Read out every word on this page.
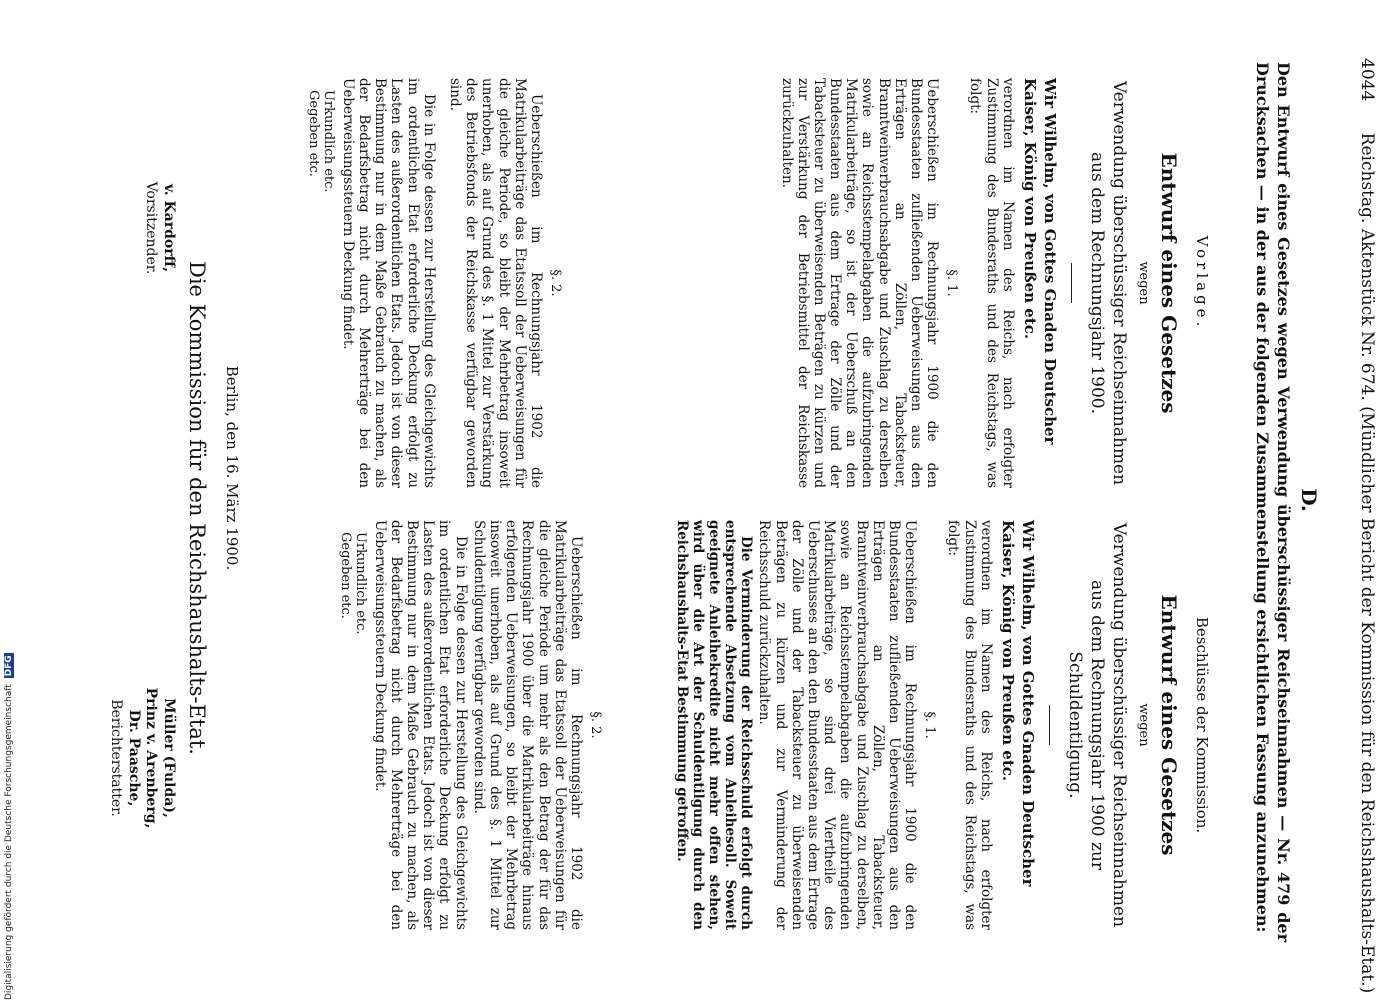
4044 Reichstag. Aktenstück Nr. 674. (Mündlicher Bericht der Kommission für den Reichshaushalts-Etat.)
D.
Den Entwurf eines Gesetzes wegen Verwendung überschüssiger Reichseinnahmen — Nr. 479 der Drucksachen — in der aus der folgenden Zusammenstellung ersichtlichen Fassung anzunehmen:
Vorlage.
Entwurf eines Gesetzes
wegen
Verwendung überschüssiger Reichseinnahmen aus dem Rechnungsjahr 1900.
Wir Wilhelm, von Gottes Gnaden Deutscher Kaiser, König von Preußen etc.
verordnen im Namen des Reichs, nach erfolgter Zustimmung des Bundesraths und des Reichstags, was folgt:
§. 1.
Ueberschießen im Rechnungsjahr 1900 die den Bundesstaaten zufließenden Ueberweisungen aus den Erträgen an Zöllen, Tabacksteuer, Branntweinverbrauchsabgabe und Zuschlag zu derselben sowie an Reichsstempelabgaben die aufzubringenden Matrikularbeiträge, so ist der Ueberschuß an den Bundesstaaten aus dem Ertrage der Zölle und der Tabacksteuer zu überweisenden Beträgen zu kürzen und zur Verstärkung der Betriebsmittel der Reichskasse zurückzuhalten.
Beschlüsse der Kommission.
Entwurf eines Gesetzes
wegen
Verwendung überschüssiger Reichseinnahmen aus dem Rechnungsjahr 1900 zur Schuldentilgung.
Wir Wilhelm, von Gottes Gnaden Deutscher Kaiser, König von Preußen etc.
verordnen im Namen des Reichs, nach erfolgter Zustimmung des Bundesraths und des Reichstags, was folgt:
§. 1.
Ueberschießen im Rechnungsjahr 1900 die den Bundesstaaten zufließenden Ueberweisungen aus den Erträgen an Zöllen, Tabacksteuer, Branntweinverbrauchsabgabe und Zuschlag zu derselben, sowie an Reichsstempelabgaben die aufzubringenden Matrikularbeiträge, so sind drei Viertheile des Ueberschusses an den den Bundesstaaten aus dem Ertrage der Zölle und der Tabacksteuer zu überweisenden Beträgen zu kürzen und zur Verminderung der Reichsschuld zurückzuhalten.
Die Verminderung der Reichsschuld erfolgt durch entsprechende Absetzung vom Anleihesoll. Soweit geeignete Anleihekredite nicht mehr offen stehen, wird über die Art der Schuldentilgung durch den Reichshaushalts-Etat Bestimmung getroffen.
§. 2.
Ueberschießen im Rechnungsjahr 1902 die Matrikularbeiträge das Etatssoll der Ueberweisungen für die gleiche Periode, so bleibt der Mehrbetrag insoweit unerhoben, als auf Grund des §. 1 Mittel zur Verstärkung des Betriebsfonds der Reichskasse verfügbar geworden sind.
Die in Folge dessen zur Herstellung des Gleichgewichts im ordentlichen Etat erforderliche Deckung erfolgt zu Lasten des außerordentlichen Etats. Jedoch ist von dieser Bestimmung nur in dem Maße Gebrauch zu machen, als der Bedarfsbetrag nicht durch Mehrerträge bei den Ueberweisungssteuern Deckung findet.
Urkundlich etc.
Gegeben etc.
§. 2.
Ueberschießen im Rechnungsjahr 1902 die Matrikularbeiträge das Etatssoll der Ueberweisungen für die gleiche Periode um mehr als den Betrag der für das Rechnungsjahr 1900 über die Matrikularbeiträge hinaus erfolgenden Ueberweisungen, so bleibt der Mehrbetrag insoweit unerhoben, als auf Grund des §. 1 Mittel zur Schuldentilgung verfügbar geworden sind.
Die in Folge dessen zur Herstellung des Gleichgewichts im ordentlichen Etat erforderliche Deckung erfolgt zu Lasten des außerordentlichen Etats. Jedoch ist von dieser Bestimmung nur in dem Maße Gebrauch zu machen, als der Bedarfsbetrag nicht durch Mehrerträge bei den Ueberweisungssteuern Deckung findet.
Urkundlich etc.
Gegeben etc.
Berlin, den 16. März 1900.
Die Kommission für den Reichshaushalts-Etat.
v. Kardorff,
Vorsitzender.
Müller (Fulda),
Prinz v. Arenberg,
Dr. Paasche,
Berichterstatter.
Digitalisierung gefördert durch die Deutsche Forschungsgemeinschaft DFG
